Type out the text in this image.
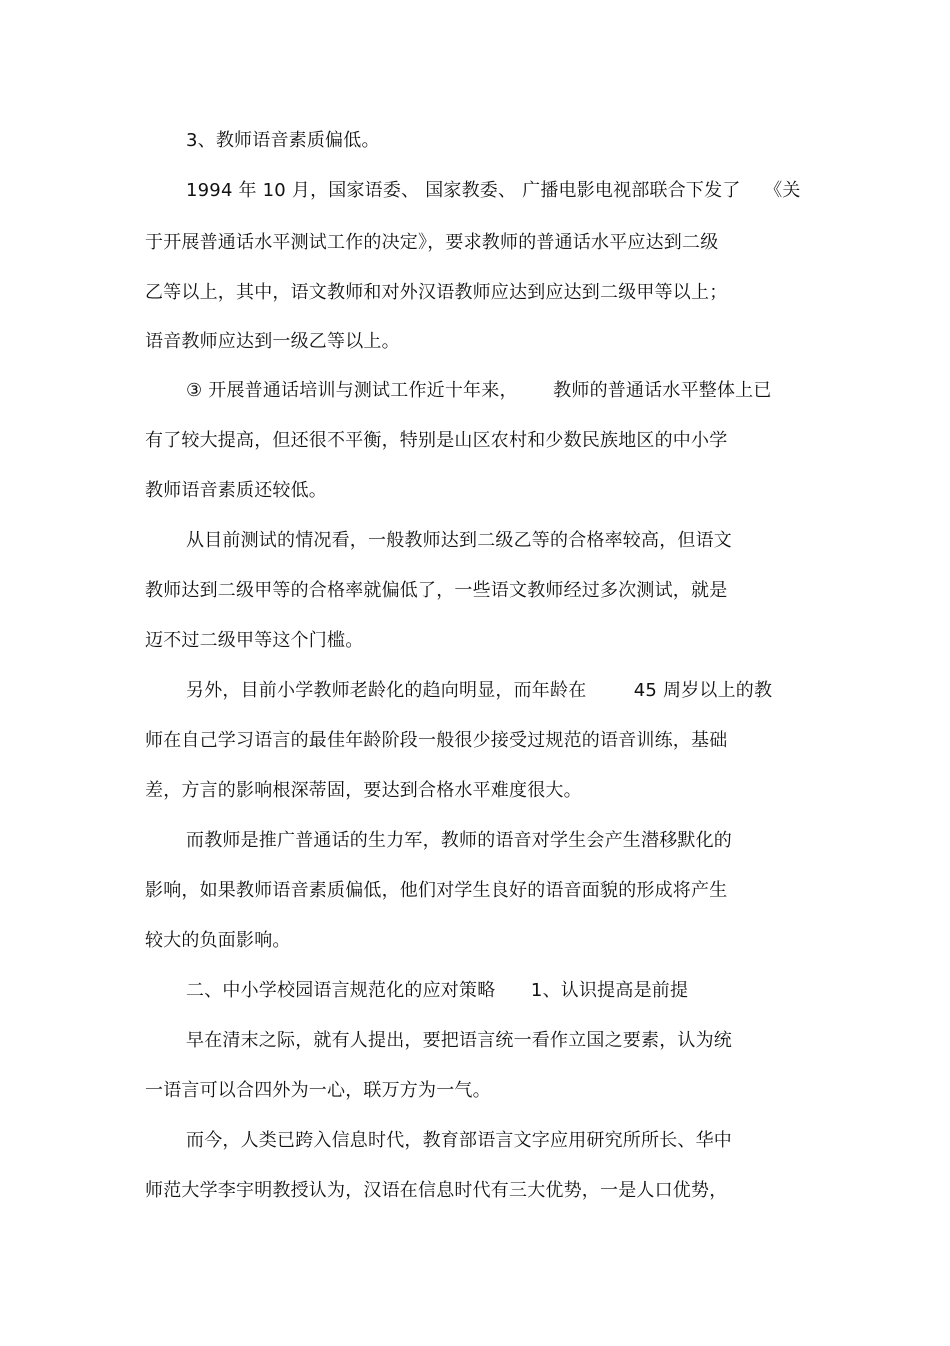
3、教师语音素质偏低。
1994 年 10 月，国家语委、 国家教委、 广播电影电视部联合下发了    《关
于开展普通话水平测试工作的决定》，要求教师的普通话水平应达到二级
乙等以上，其中，语文教师和对外汉语教师应达到应达到二级甲等以上；
语音教师应达到一级乙等以上。
③ 开展普通话培训与测试工作近十年来，      教师的普通话水平整体上已
有了较大提高，但还很不平衡，特别是山区农村和少数民族地区的中小学
教师语音素质还较低。
从目前测试的情况看，一般教师达到二级乙等的合格率较高，但语文
教师达到二级甲等的合格率就偏低了，一些语文教师经过多次测试，就是
迈不过二级甲等这个门槛。
另外，目前小学教师老龄化的趋向明显，而年龄在        45 周岁以上的教
师在自己学习语言的最佳年龄阶段一般很少接受过规范的语音训练，基础
差，方言的影响根深蒂固，要达到合格水平难度很大。
而教师是推广普通话的生力军，教师的语音对学生会产生潜移默化的
影响，如果教师语音素质偏低，他们对学生良好的语音面貌的形成将产生
较大的负面影响。
二、中小学校园语言规范化的应对策略      1、认识提高是前提
早在清末之际，就有人提出，要把语言统一看作立国之要素，认为统
一语言可以合四外为一心，联万方为一气。
而今，人类已跨入信息时代，教育部语言文字应用研究所所长、华中
师范大学李宇明教授认为，汉语在信息时代有三大优势，一是人口优势，
